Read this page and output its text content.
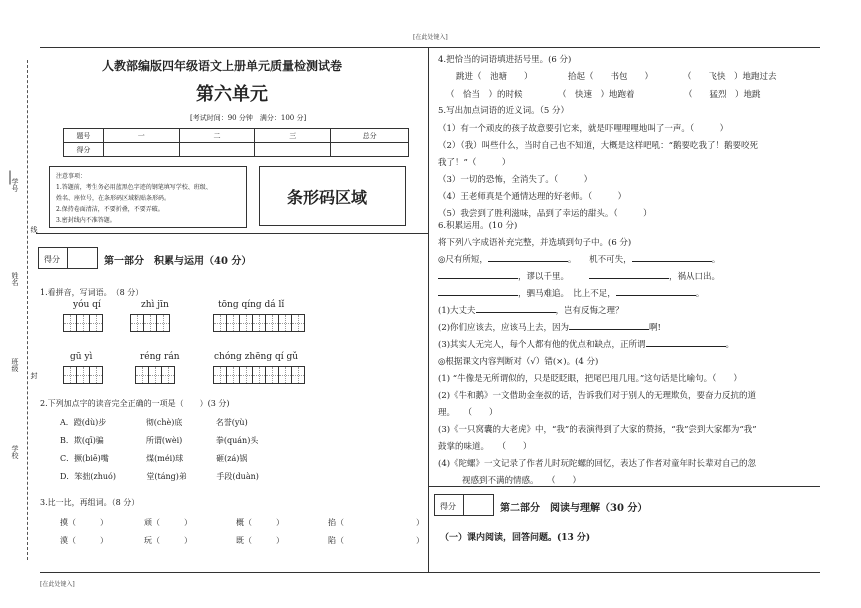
[在此处键入]
[在此处键入]
学号
线
姓名
班级
封
学校
人教部编版四年级语文上册单元质量检测试卷
第六单元
[考试时间：90 分钟　满分：100 分]
题号	一	二	三	总分
得分				
注意事项：
1.答题前，考生务必用蓝黑色字迹的钢笔填写学校、班级、
姓名、座位号，在条形码区域粘贴条形码。
2.保持卷面清洁，不要折叠，不要弄破。
3.密封线内不准答题。
条形码区域
得分	第一部分　积累与运用（40 分）
1.看拼音，写词语。　（8 分）
yóu qí	zhì jīn	tōng qíng dá lǐ
gū yì	réng rán	chóng zhēng qí gǔ
2.下列加点字的读音完全正确的一项是（　　）(3 分)
A．蹬(dù)步	彻(chè)底	名誉(yù)
B．欺(qī)骗	所谓(wèi)	拳(quán)头
C．撅(biē)嘴	煤(méi)球	砸(zá)锅
D．笨拙(zhuó)	堂(táng)弟	手段(duàn)
3.比一比，再组词。（8 分）
摸（　　　）	顽（　　　）	概（　　　）	掐（　　　　　　　　　）
漠（　　　）	玩（　　　）	既（　　　）	陷（　　　　　　　　　）
4.把恰当的词语填进括号里。(6 分)
跳进（　池塘　　）	拾起（　　书包　　）	（　　飞快　）地跑过去
（　恰当　）的时候	（　快速　）地跑着	（　　猛烈　）地跳
5.写出加点词语的近义词。（5 分）
（1）有一个顽皮的孩子故意要引它来，就是吓哩哩哩地叫了一声。（　　　）
（2）（我）叫些什么，当时自己也不知道，大概是这样吧吼：“鹅要吃我了！鹅要咬死
我了！”（　　　）
（3）一切的恐怖，全消失了。（　　　）
（4）王老师真是个通情达理的好老师。（　　　）
（5）我尝到了胜利滋味，品到了幸运的甜头。（　　　）
6.积累运用。(10 分)
将下列八字成语补充完整，并选填到句子中。(6 分)
◎尺有所短，	。　　机不可失，	。
，谬以千里。	，祸从口出。
，驷马难追。　比上不足，	。
(1)大丈夫	，岂有反悔之理？
(2)你们应该去，应该马上去，因为	啊!
(3)其实人无完人，每个人都有他的优点和缺点，正所谓	。
◎根据课文内容判断对（√）错(×)。(4 分)
(1) “牛像是无所谓似的，只是眨眨眼，把尾巴甩几甩。”这句话是比喻句。（　　）
(2)《牛和鹅》一文借助金奎叔的话，告诉我们对于别人的无理欺负，要奋力反抗的道
理。　　（　　）
(3)《一只窝囊的大老虎》中，“我”的表演得到了大家的赞扬，“我”尝到大家都为“我”
鼓掌的味道。　　（　　）
(4)《陀螺》一文记录了作者儿时玩陀螺的回忆，表达了作者对童年时长辈对自己的忽
视感到不满的情感。　　（　　）
得分	第二部分　阅读与理解（30 分）
（一）课内阅读，回答问题。(13 分)
